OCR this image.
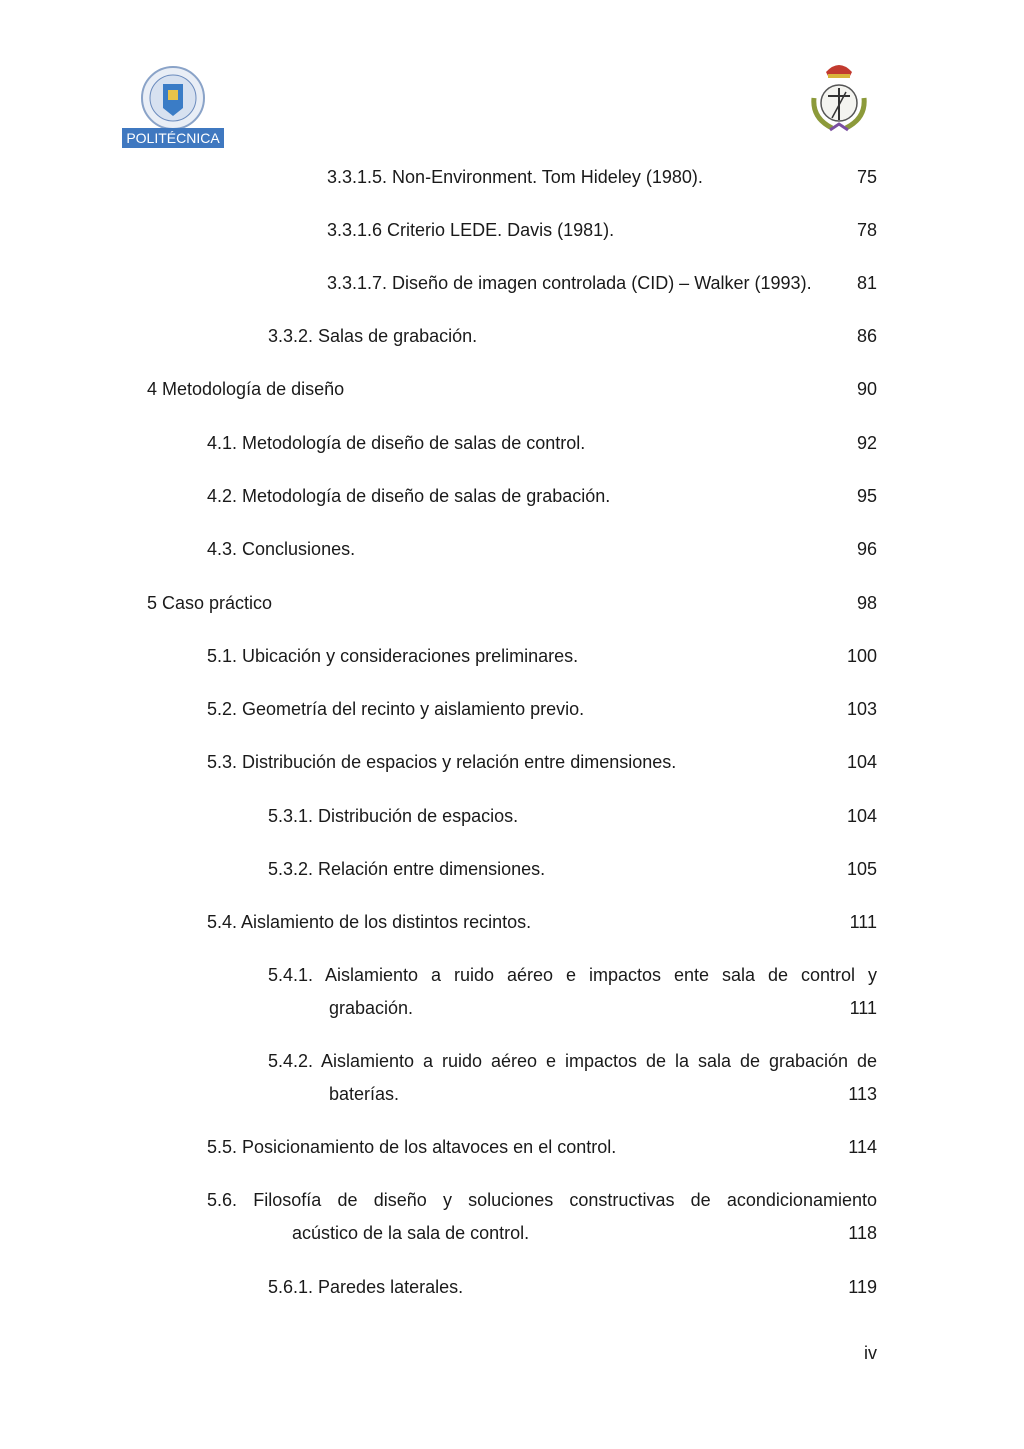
POLITÉCNICA
3.3.1.5. Non-Environment. Tom Hideley (1980).	75
3.3.1.6 Criterio LEDE. Davis (1981).	78
3.3.1.7. Diseño de imagen controlada (CID) – Walker (1993).	81
3.3.2. Salas de grabación.	86
4 Metodología de diseño	90
4.1. Metodología de diseño de salas de control.	92
4.2. Metodología de diseño de salas de grabación.	95
4.3. Conclusiones.	96
5 Caso práctico	98
5.1. Ubicación y consideraciones preliminares.	100
5.2. Geometría del recinto y aislamiento previo.	103
5.3. Distribución de espacios y relación entre dimensiones.	104
5.3.1. Distribución de espacios.	104
5.3.2. Relación entre dimensiones.	105
5.4. Aislamiento de los distintos recintos.	111
5.4.1. Aislamiento a ruido aéreo e impactos ente sala de control y
grabación.	111
5.4.2. Aislamiento a ruido aéreo e impactos de la sala de grabación de
baterías.	113
5.5. Posicionamiento de los altavoces en el control.	114
5.6. Filosofía de diseño y soluciones constructivas de acondicionamiento
acústico de la sala de control.	118
5.6.1. Paredes laterales.	119
iv
